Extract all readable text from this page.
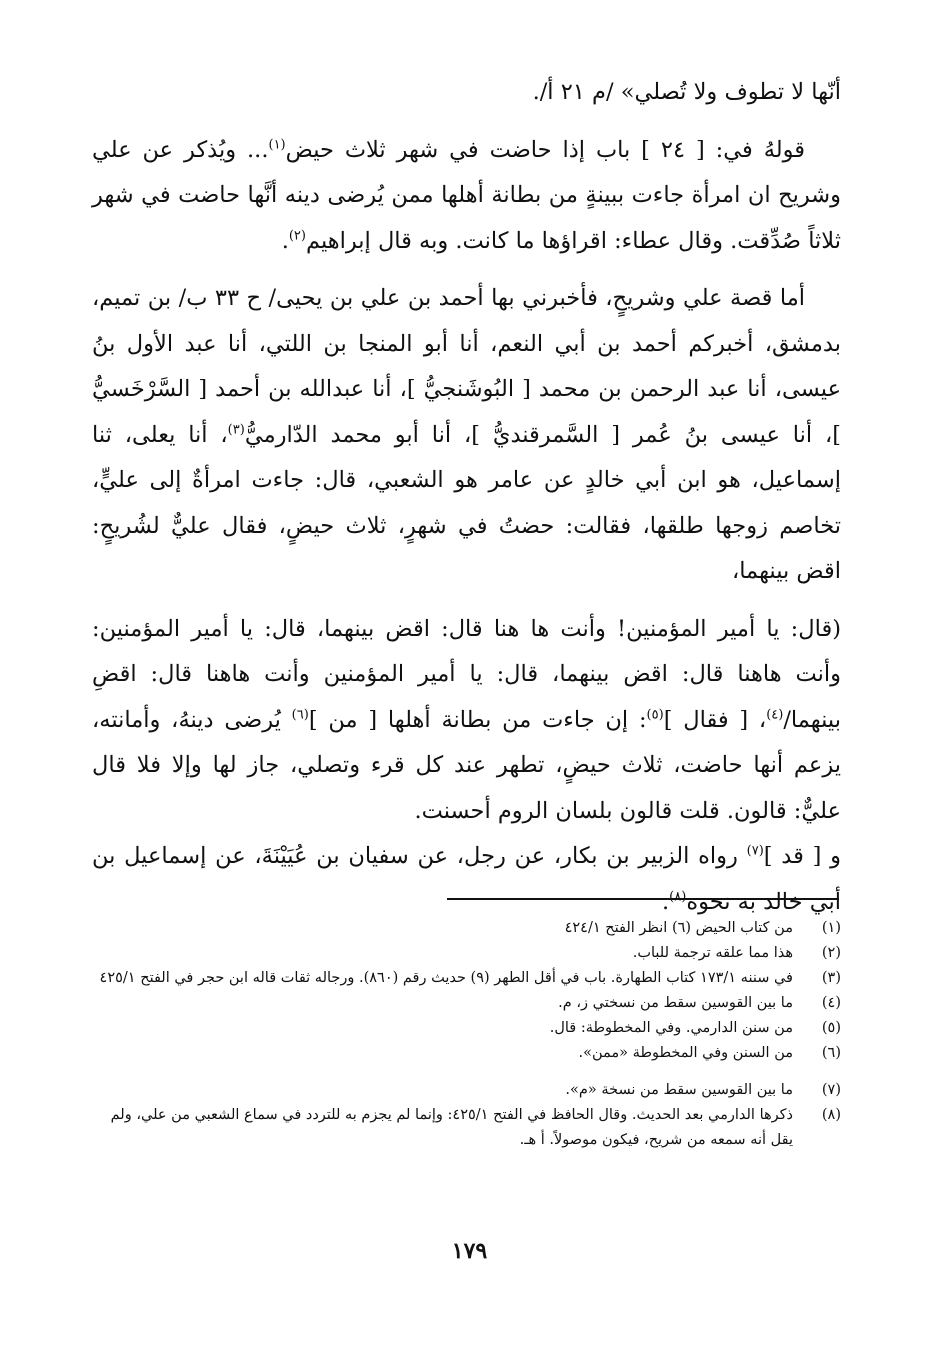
أنّها لا تطوف ولا تُصلي» /م ٢١ أ/.

قولهُ في: [ ٢٤ ] باب إذا حاضت في شهر ثلاث حيض$^{(١)}$... ويُذكر عن علي وشريح ان امرأة جاءت ببينةٍ من بطانة أهلها ممن يُرضى دينه أنَّها حاضت في شهر ثلاثاً صُدِّقت. وقال عطاء: اقراؤها ما كانت. وبه قال إبراهيم$^{(٢)}$.

أما قصة علي وشريحٍ، فأخبرني بها أحمد بن علي بن يحيى/ ح ٣٣ ب/ بن تميم، بدمشق، أخبركم أحمد بن أبي النعم، أنا أبو المنجا بن اللتي، أنا عبد الأول بنُ عيسى، أنا عبد الرحمن بن محمد [ البُوشَنجيُّ ]، أنا عبدالله بن أحمد [ السَّرْخَسيُّ ]، أنا عيسى بنُ عُمر [ السَّمرقنديُّ ]، أنا أبو محمد الدّارميُّ$^{(٣)}$، أنا يعلى، ثنا إسماعيل، هو ابن أبي خالدٍ عن عامر هو الشعبي، قال: جاءت امرأةٌ إلى عليٍّ، تخاصم زوجها طلقها، فقالت: حضتُ في شهرٍ، ثلاث حيضٍ، فقال عليٌّ لشُريحٍ: اقض بينهما،

(قال: يا أمير المؤمنين! وأنت ها هنا قال: اقض بينهما، قال: يا أمير المؤمنين: وأنت هاهنا قال: اقض بينهما، قال: يا أمير المؤمنين وأنت هاهنا قال: اقضِ بينهما/$^{(٤)}$، [ فقال ]$^{(٥)}$: إن جاءت من بطانة أهلها [ من ]$^{(٦)}$ يُرضى دينهُ، وأمانته، يزعم أنها حاضت، ثلاث حيضٍ، تطهر عند كل قرء وتصلي، جاز لها وإلا فلا قال عليٌّ: قالون. قلت قالون بلسان الروم أحسنت.

و [ قد ]$^{(٧)}$ رواه الزبير بن بكار، عن رجل، عن سفيان بن عُيَيْنَةَ، عن إسماعيل بن أبي خالد به نحوه$^{(٨)}$.

(١)
من كتاب الحيض (٦) انظر الفتح ٤٢٤/١
(٢)
هذا مما علقه ترجمة للباب.
(٣)
في سننه ١٧٣/١ كتاب الطهارة. باب في أقل الطهر (٩) حديث رقم (٨٦٠). ورجاله ثقات قاله ابن حجر في الفتح ٤٢٥/١
(٤)
ما بين القوسين سقط من نسختي ز، م.
(٥)
من سنن الدارمي. وفي المخطوطة: قال.
(٦)
من السنن وفي المخطوطة «ممن».
(٧)
ما بين القوسين سقط من نسخة «م».
(٨)
ذكرها الدارمي بعد الحديث. وقال الحافظ في الفتح ٤٢٥/١: وإنما لم يجزم به للتردد في سماع الشعبي من علي، ولم يقل أنه سمعه من شريح، فيكون موصولاً. أ هـ.
١٧٩
